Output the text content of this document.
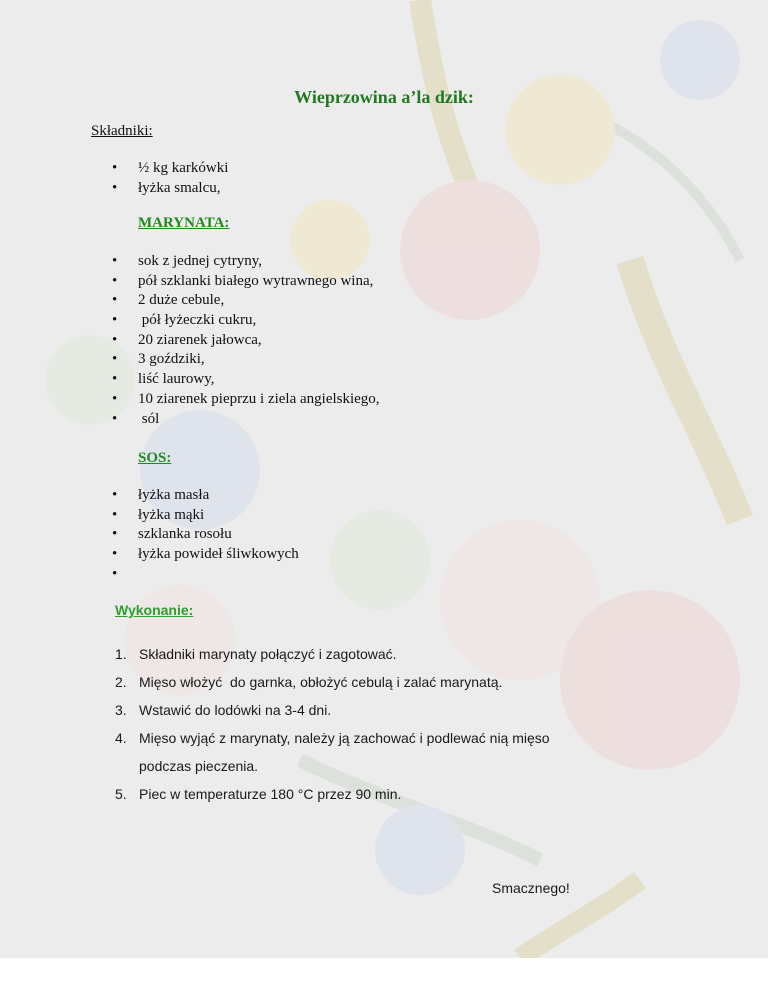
Wieprzowina a’la dzik:
Składniki:
• ½ kg karkówki
• łyżka smalcu,
MARYNATA:
• sok z jednej cytryny,
• pół szklanki białego wytrawnego wina,
• 2 duże cebule,
•  pół łyżeczki cukru,
• 20 ziarenek jałowca,
• 3 goździki,
• liść laurowy,
• 10 ziarenek pieprzu i ziela angielskiego,
•  sól
SOS:
• łyżka masła
• łyżka mąki
• szklanka rosołu
• łyżka powideł śliwkowych
•
Wykonanie:
1. Składniki marynaty połączyć i zagotować.
2. Mięso włożyć  do garnka, obłożyć cebulą i zalać marynatą.
3. Wstawić do lodówki na 3-4 dni.
4. Mięso wyjąć z marynaty, należy ją zachować i podlewać nią mięso
podczas pieczenia.
5. Piec w temperaturze 180 °C przez 90 min.
Smacznego!
